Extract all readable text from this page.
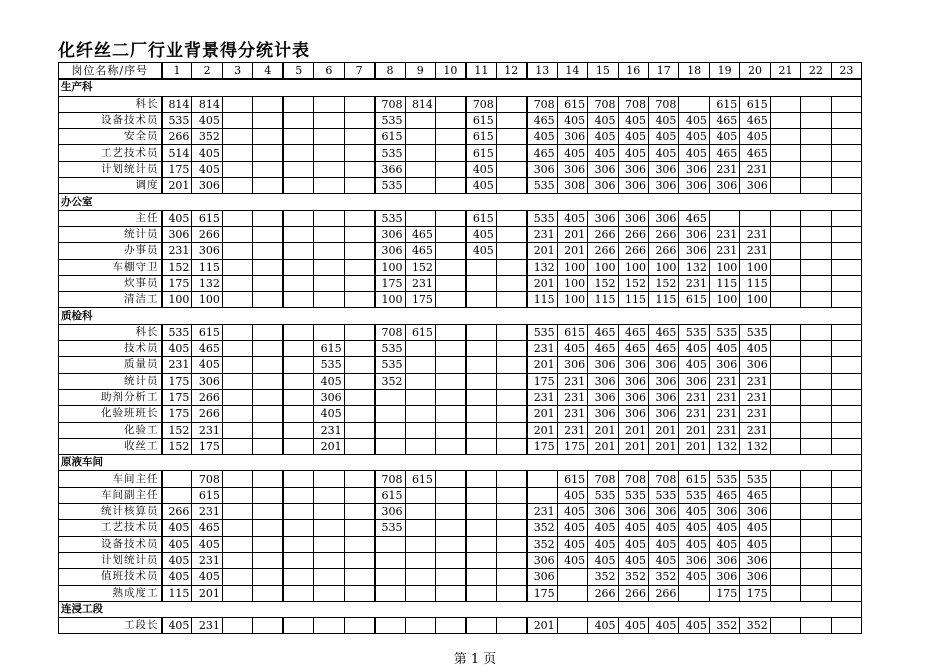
化纤丝二厂行业背景得分统计表
岗位名称/序号	1	2	3	4	5	6	7	8	9	10	11	12	13	14	15	16	17	18	19	20	21	22	23
生产科																							
科长	814	814						708	814		708		708	615	708	708	708		615	615			
设备技术员	535	405						535			615		465	405	405	405	405	405	465	465			
安全员	266	352						615			615		405	306	405	405	405	405	405	405			
工艺技术员	514	405						535			615		465	405	405	405	405	405	465	465			
计划统计员	175	405						366			405		306	306	306	306	306	306	231	231			
调度	201	306						535			405		535	308	306	306	306	306	306	306			
办公室																							
主任	405	615						535			615		535	405	306	306	306	465					
统计员	306	266						306	465		405		231	201	266	266	266	306	231	231			
办事员	231	306						306	465		405		201	201	266	266	266	306	231	231			
车棚守卫	152	115						100	152				132	100	100	100	100	132	100	100			
炊事员	175	132						175	231				201	100	152	152	152	231	115	115			
清洁工	100	100						100	175				115	100	115	115	115	615	100	100			
质检科																							
科长	535	615						708	615				535	615	465	465	465	535	535	535			
技术员	405	465				615		535					231	405	465	465	465	405	405	405			
质量员	231	405				535		535					201	306	306	306	306	405	306	306			
统计员	175	306				405		352					175	231	306	306	306	306	231	231			
助剂分析工	175	266				306							231	231	306	306	306	231	231	231			
化验班班长	175	266				405							201	231	306	306	306	231	231	231			
化验工	152	231				231							201	231	201	201	201	201	231	231			
收丝工	152	175				201							175	175	201	201	201	201	132	132			
原液车间																							
车间主任		708						708	615					615	708	708	708	615	535	535			
车间副主任		615						615						405	535	535	535	535	465	465			
统计核算员	266	231						306					231	405	306	306	306	405	306	306			
工艺技术员	405	465						535					352	405	405	405	405	405	405	405			
设备技术员	405	405											352	405	405	405	405	405	405	405			
计划统计员	405	231											306	405	405	405	405	306	306	306			
值班技术员	405	405											306		352	352	352	405	306	306			
熟成度工	115	201											175		266	266	266		175	175			
连浸工段																							
工段长	405	231											201		405	405	405	405	352	352			
第 1 页
